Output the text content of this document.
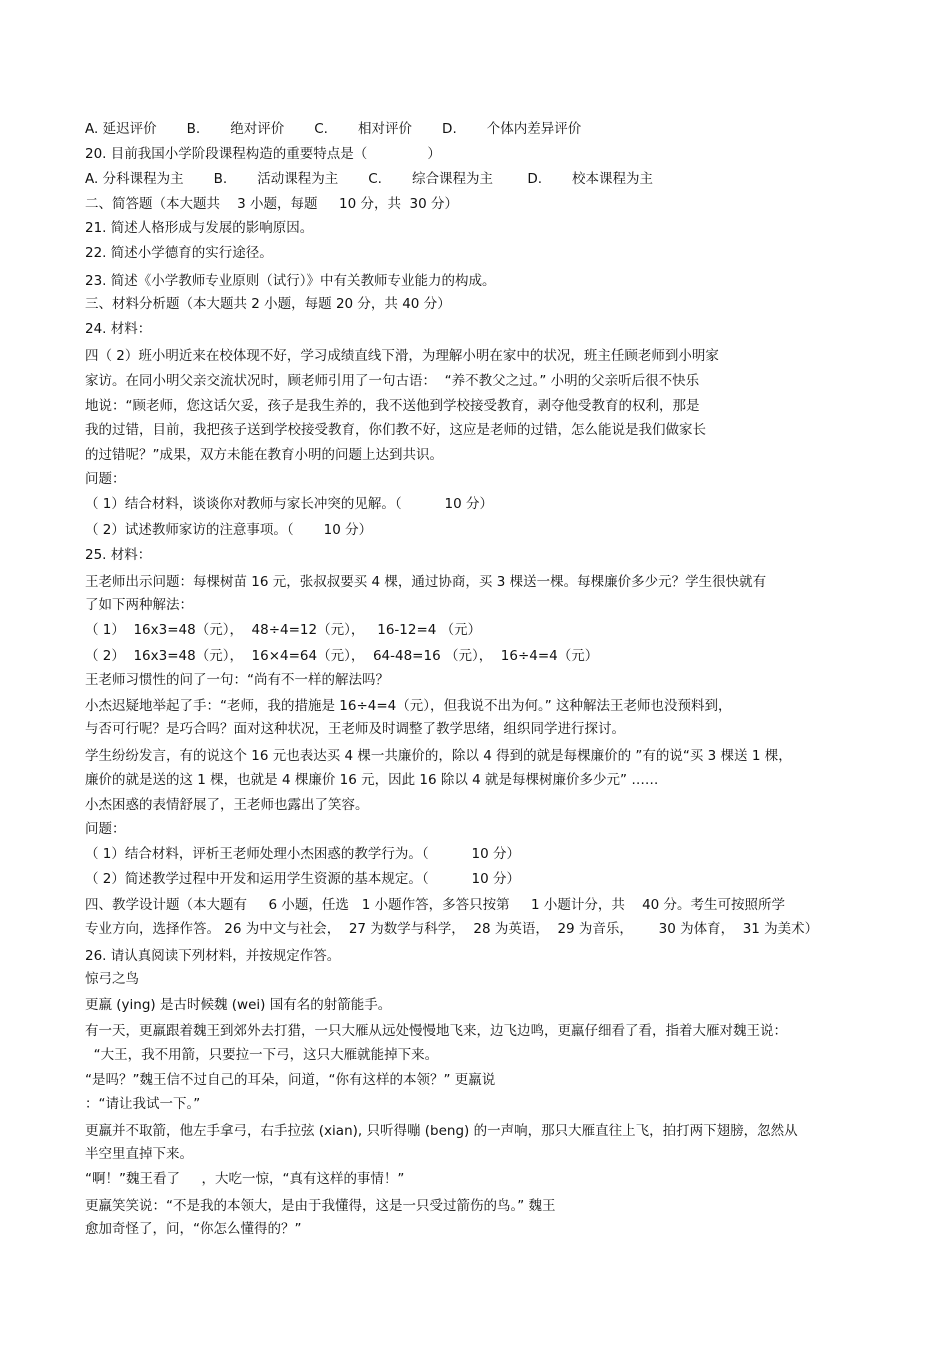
A. 延迟评价       B.       绝对评价       C.       相对评价       D.       个体内差异评价
20. 目前我国小学阶段课程构造的重要特点是（              ）
A. 分科课程为主       B.       活动课程为主       C.       综合课程为主        D.       校本课程为主
二、简答题（本大题共    3 小题，每题     10 分，共  30 分）
21. 简述人格形成与发展的影响原因。
22. 简述小学德育的实行途径。
23. 简述《小学教师专业原则（试行）》中有关教师专业能力的构成。
三、材料分析题（本大题共 2 小题，每题 20 分，共 40 分）
24. 材料：
四（ 2）班小明近来在校体现不好，学习成绩直线下滑，为理解小明在家中的状况，班主任顾老师到小明家
家访。在同小明父亲交流状况时，顾老师引用了一句古语：  “养不教父之过。” 小明的父亲听后很不快乐
地说：“顾老师，您这话欠妥，孩子是我生养的，我不送他到学校接受教育，剥夺他受教育的权利，那是
我的过错，目前，我把孩子送到学校接受教育，你们教不好，这应是老师的过错，怎么能说是我们做家长
的过错呢？”成果，双方未能在教育小明的问题上达到共识。
问题：
（ 1）结合材料，谈谈你对教师与家长冲突的见解。（          10 分）
（ 2）试述教师家访的注意事项。（       10 分）
25. 材料：
王老师出示问题：每棵树苗 16 元，张叔叔要买 4 棵，通过协商，买 3 棵送一棵。每棵廉价多少元？学生很快就有
了如下两种解法：
（ 1）  16x3=48（元），  48÷4=12（元），   16-12=4 （元）
（ 2）  16x3=48（元），  16×4=64（元），  64-48=16 （元），  16÷4=4（元）
王老师习惯性的问了一句：“尚有不一样的解法吗？
小杰迟疑地举起了手：“老师，我的措施是 16÷4=4（元），但我说不出为何。” 这种解法王老师也没预料到，
与否可行呢？是巧合吗？面对这种状况，王老师及时调整了教学思绪，组织同学进行探讨。
学生纷纷发言，有的说这个 16 元也表达买 4 棵一共廉价的，除以 4 得到的就是每棵廉价的 ”有的说“买 3 棵送 1 棵，
廉价的就是送的这 1 棵，也就是 4 棵廉价 16 元，因此 16 除以 4 就是每棵树廉价多少元” ……
小杰困惑的表情舒展了，王老师也露出了笑容。
问题：
（ 1）结合材料，评析王老师处理小杰困惑的教学行为。（          10 分）
（ 2）简述教学过程中开发和运用学生资源的基本规定。（          10 分）
四、教学设计题（本大题有     6 小题，任选   1 小题作答，多答只按第     1 小题计分，共    40 分。考生可按照所学
专业方向，选择作答。 26 为中文与社会，  27 为数学与科学，  28 为英语，  29 为音乐，      30 为体育，  31 为美术）
26. 请认真阅读下列材料，并按规定作答。
惊弓之鸟
更羸 (ying) 是古时候魏 (wei) 国有名的射箭能手。
有一天，更羸跟着魏王到郊外去打猎，一只大雁从远处慢慢地飞来，边飞边鸣，更羸仔细看了看，指着大雁对魏王说：
“大王，我不用箭，只要拉一下弓，这只大雁就能掉下来。
“是吗？”魏王信不过自己的耳朵，问道，“你有这样的本领？” 更羸说
：“请让我试一下。”
更羸并不取箭，他左手拿弓，右手拉弦 (xian), 只听得嘣 (beng) 的一声响，那只大雁直往上飞，拍打两下翅膀，忽然从
半空里直掉下来。
“啊！”魏王看了     ，大吃一惊，“真有这样的事情！”
更羸笑笑说：“不是我的本领大，是由于我懂得，这是一只受过箭伤的鸟。” 魏王
愈加奇怪了，问，“你怎么懂得的？”
